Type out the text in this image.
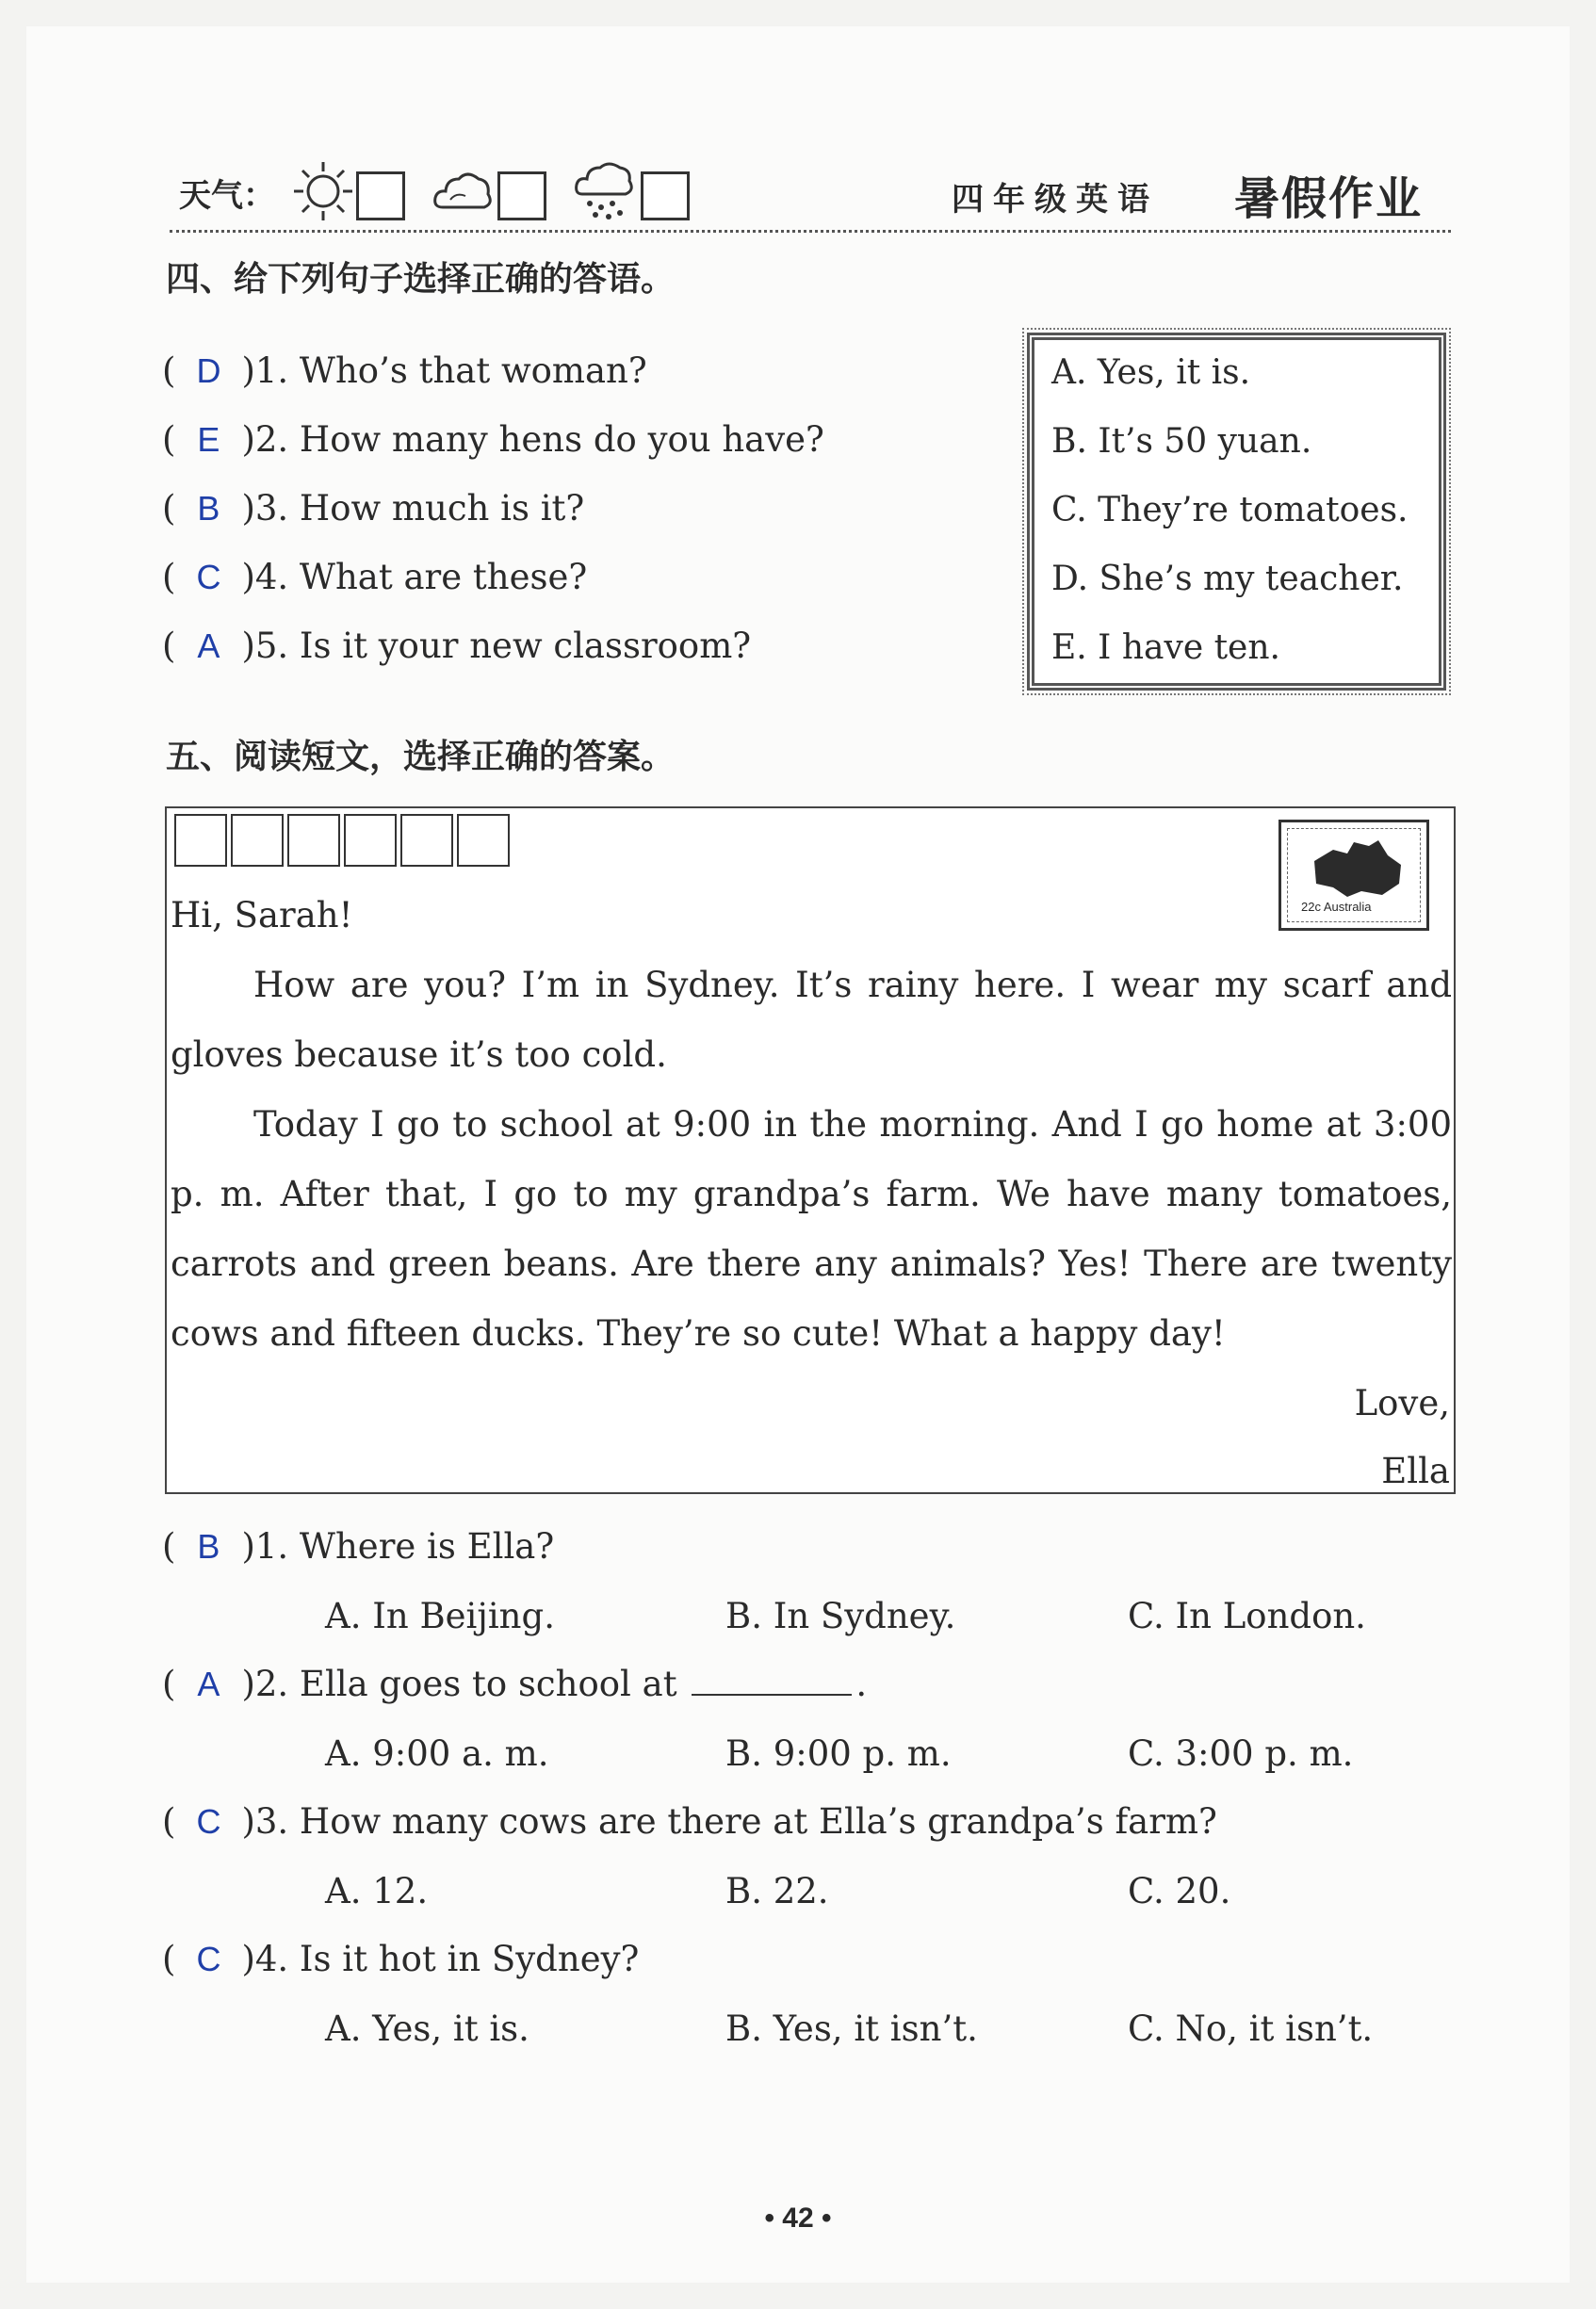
天气：	四年级英语 暑假作业
四、给下列句子选择正确的答语。
( D )1. Who’s that woman?
( E )2. How many hens do you have?
( B )3. How much is it?
( C )4. What are these?
( A )5. Is it your new classroom?
A. Yes, it is.
B. It’s 50 yuan.
C. They’re tomatoes.
D. She’s my teacher.
E. I have ten.
五、阅读短文，选择正确的答案。
22c Australia
Hi, Sarah!
How are you? I’m in Sydney. It’s rainy here. I wear my scarf and
gloves because it’s too cold.
Today I go to school at 9:00 in the morning. And I go home at 3:00
p. m. After that, I go to my grandpa’s farm. We have many tomatoes,
carrots and green beans. Are there any animals? Yes! There are twenty
cows and fifteen ducks. They’re so cute! What a happy day!
Love,
Ella
( B )1. Where is Ella?
A. In Beijing.	B. In Sydney.	C. In London.
( A )2. Ella goes to school at	.
A. 9:00 a. m.	B. 9:00 p. m.	C. 3:00 p. m.
( C )3. How many cows are there at Ella’s grandpa’s farm?
A. 12.	B. 22.	C. 20.
( C )4. Is it hot in Sydney?
A. Yes, it is.	B. Yes, it isn’t.	C. No, it isn’t.
• 42 •
